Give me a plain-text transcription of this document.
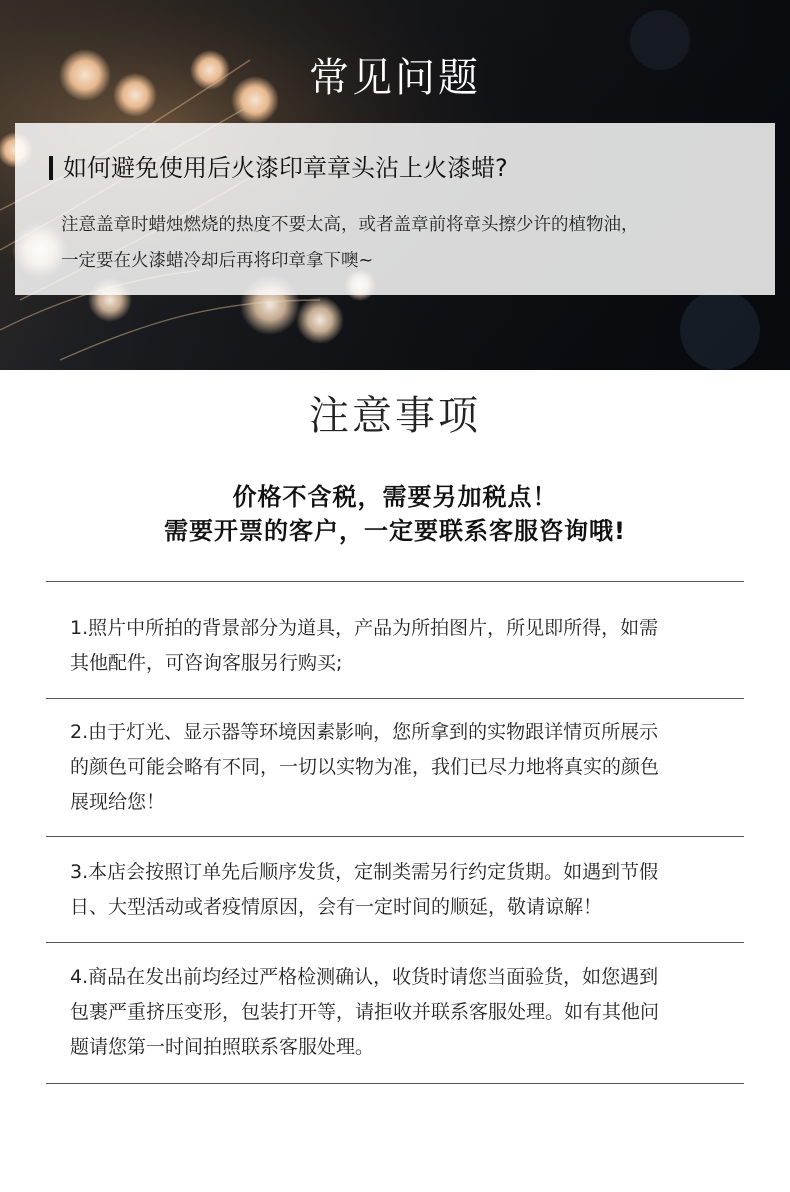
常见问题
如何避免使用后火漆印章章头沾上火漆蜡?
注意盖章时蜡烛燃烧的热度不要太高，或者盖章前将章头擦少许的植物油，
一定要在火漆蜡冷却后再将印章拿下噢~
注意事项
价格不含税，需要另加税点！
需要开票的客户，一定要联系客服咨询哦!
1.照片中所拍的背景部分为道具，产品为所拍图片，所见即所得，如需
其他配件，可咨询客服另行购买;
2.由于灯光、显示器等环境因素影响，您所拿到的实物跟详情页所展示
的颜色可能会略有不同，一切以实物为准，我们已尽力地将真实的颜色
展现给您！
3.本店会按照订单先后顺序发货，定制类需另行约定货期。如遇到节假
日、大型活动或者疫情原因，会有一定时间的顺延，敬请谅解！
4.商品在发出前均经过严格检测确认，收货时请您当面验货，如您遇到
包裹严重挤压变形，包装打开等，请拒收并联系客服处理。如有其他问
题请您第一时间拍照联系客服处理。
